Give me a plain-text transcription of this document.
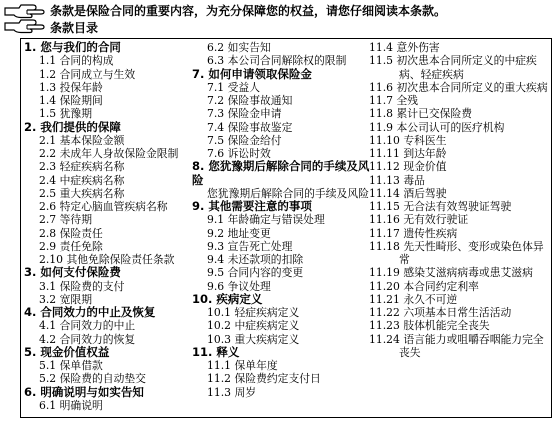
条款是保险合同的重要内容，为充分保障您的权益，请您仔细阅读本条款。
条款目录
1. 您与我们的合同
1.1 合同的构成
1.2 合同成立与生效
1.3 投保年龄
1.4 保险期间
1.5 犹豫期
2. 我们提供的保障
2.1 基本保险金额
2.2 未成年人身故保险金限制
2.3 轻症疾病名称
2.4 中症疾病名称
2.5 重大疾病名称
2.6 特定心脑血管疾病名称
2.7 等待期
2.8 保险责任
2.9 责任免除
2.10 其他免除保险责任条款
3. 如何支付保险费
3.1 保险费的支付
3.2 宽限期
4. 合同效力的中止及恢复
4.1 合同效力的中止
4.2 合同效力的恢复
5. 现金价值权益
5.1 保单借款
5.2 保险费的自动垫交
6. 明确说明与如实告知
6.1 明确说明
6.2 如实告知
6.3 本公司合同解除权的限制
7. 如何申请领取保险金
7.1 受益人
7.2 保险事故通知
7.3 保险金申请
7.4 保险事故鉴定
7.5 保险金给付
7.6 诉讼时效
8. 您犹豫期后解除合同的手续及风险
您犹豫期后解除合同的手续及风险
9. 其他需要注意的事项
9.1 年龄确定与错误处理
9.2 地址变更
9.3 宣告死亡处理
9.4 未还款项的扣除
9.5 合同内容的变更
9.6 争议处理
10. 疾病定义
10.1 轻症疾病定义
10.2 中症疾病定义
10.3 重大疾病定义
11. 释义
11.1 保单年度
11.2 保险费约定支付日
11.3 周岁
11.4 意外伤害
11.5 初次患本合同所定义的中症疾病、轻症疾病
11.6 初次患本合同所定义的重大疾病
11.7 全残
11.8 累计已交保险费
11.9 本公司认可的医疗机构
11.10 专科医生
11.11 到达年龄
11.12 现金价值
11.13 毒品
11.14 酒后驾驶
11.15 无合法有效驾驶证驾驶
11.16 无有效行驶证
11.17 遗传性疾病
11.18 先天性畸形、变形或染色体异常
11.19 感染艾滋病病毒或患艾滋病
11.20 本合同约定利率
11.21 永久不可逆
11.22 六项基本日常生活活动
11.23 肢体机能完全丧失
11.24 语言能力或咀嚼吞咽能力完全丧失
